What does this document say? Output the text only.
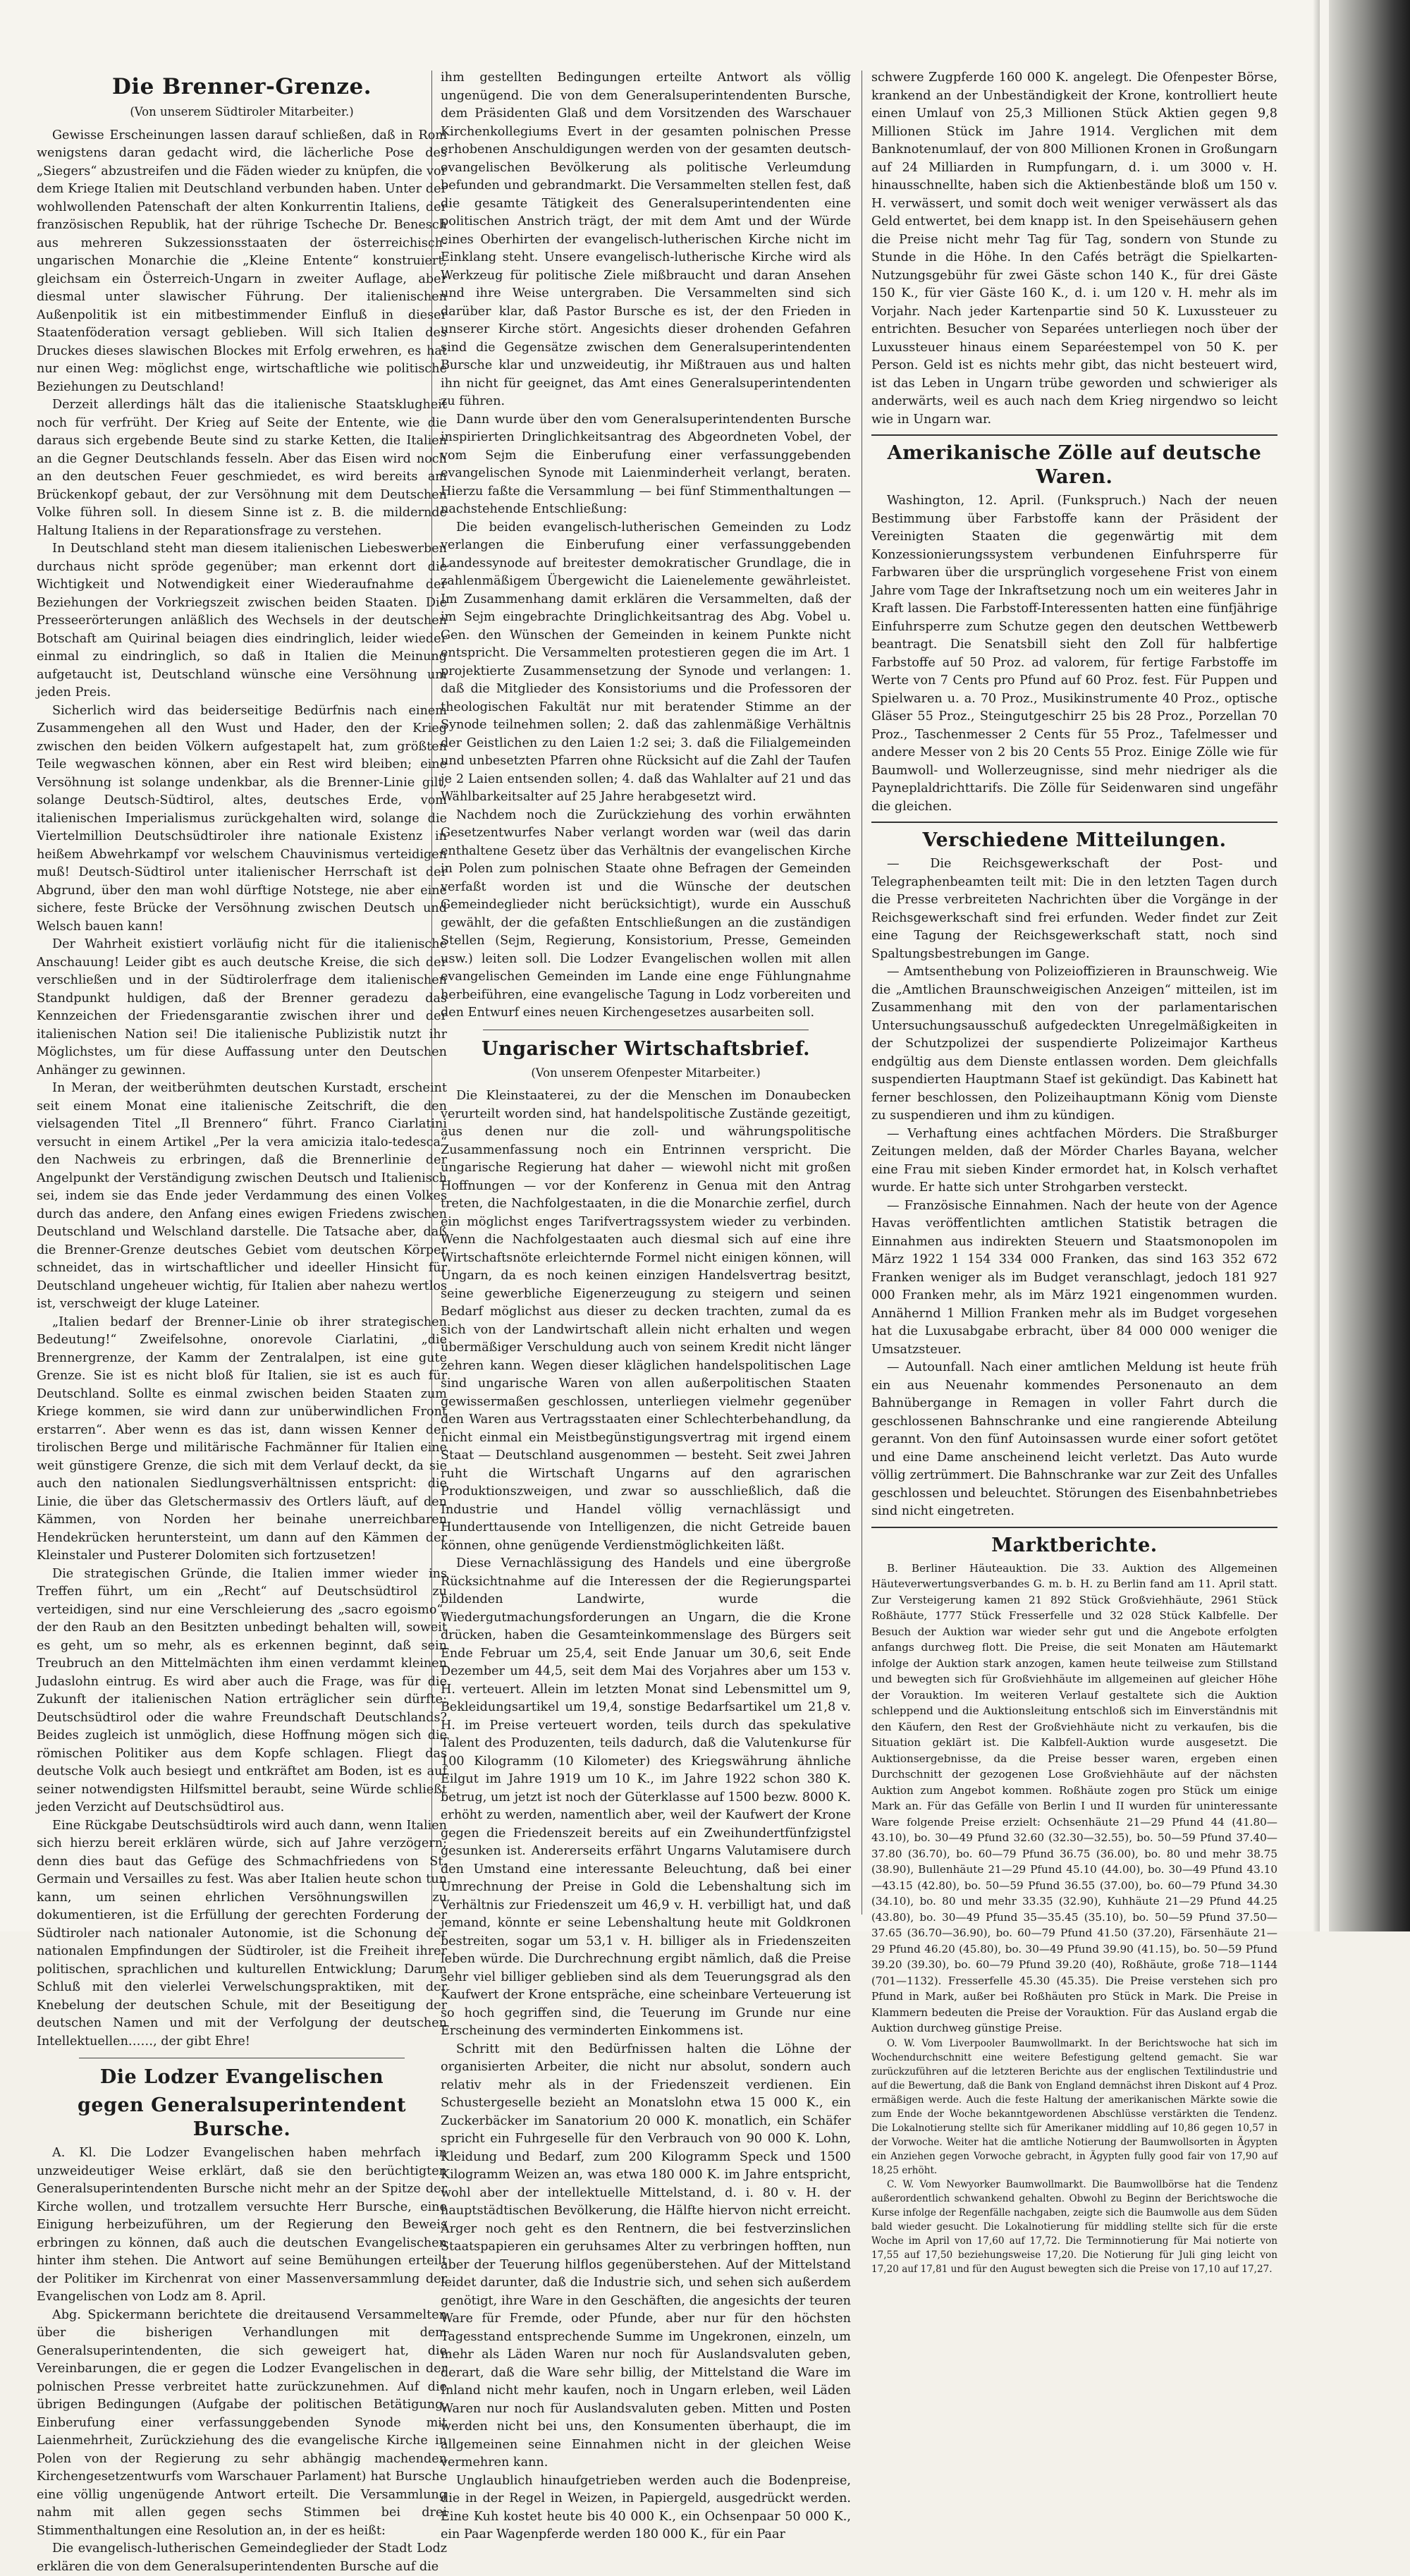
Die Brenner-Grenze.
(Von unserem Südtiroler Mitarbeiter.)

Gewisse Erscheinungen lassen darauf schließen, daß in Rom wenigstens daran gedacht wird, die lächerliche Pose des „Siegers“ abzustreifen und die Fäden wieder zu knüpfen, die vor dem Kriege Italien mit Deutschland verbunden haben. Unter der wohlwollenden Patenschaft der alten Konkurrentin Italiens, der französischen Republik, hat der rührige Tscheche Dr. Benesch aus mehreren Sukzessionsstaaten der österreichisch-ungarischen Monarchie die „Kleine Entente“ konstruiert, gleichsam ein Österreich-Ungarn in zweiter Auflage, aber diesmal unter slawischer Führung. Der italienischen Außenpolitik ist ein mitbestimmender Einfluß in dieser Staatenföderation versagt geblieben. Will sich Italien des Druckes dieses slawischen Blockes mit Erfolg erwehren, es hat nur einen Weg: möglichst enge, wirtschaftliche wie politische Beziehungen zu Deutschland!

Derzeit allerdings hält das die italienische Staatsklugheit noch für verfrüht. Der Krieg auf Seite der Entente, wie die daraus sich ergebende Beute sind zu starke Ketten, die Italien an die Gegner Deutschlands fesseln. Aber das Eisen wird noch an den deutschen Feuer geschmiedet, es wird bereits am Brückenkopf gebaut, der zur Versöhnung mit dem Deutschen Volke führen soll. In diesem Sinne ist z. B. die mildernde Haltung Italiens in der Reparationsfrage zu verstehen.

In Deutschland steht man diesem italienischen Liebeswerben durchaus nicht spröde gegenüber; man erkennt dort die Wichtigkeit und Notwendigkeit einer Wiederaufnahme der Beziehungen der Vorkriegszeit zwischen beiden Staaten. Die Presseerörterungen anläßlich des Wechsels in der deutschen Botschaft am Quirinal beiagen dies eindringlich, leider wieder einmal zu eindringlich, so daß in Italien die Meinung aufgetaucht ist, Deutschland wünsche eine Versöhnung um jeden Preis.

Sicherlich wird das beiderseitige Bedürfnis nach einem Zusammengehen all den Wust und Hader, den der Krieg zwischen den beiden Völkern aufgestapelt hat, zum größten Teile wegwaschen können, aber ein Rest wird bleiben; eine Versöhnung ist solange undenkbar, als die Brenner-Linie gilt, solange Deutsch-Südtirol, altes, deutsches Erde, vom italienischen Imperialismus zurückgehalten wird, solange die Viertelmillion Deutschsüdtiroler ihre nationale Existenz in heißem Abwehrkampf vor welschem Chauvinismus verteidigen muß! Deutsch-Südtirol unter italienischer Herrschaft ist der Abgrund, über den man wohl dürftige Notstege, nie aber eine sichere, feste Brücke der Versöhnung zwischen Deutsch und Welsch bauen kann!

Der Wahrheit existiert vorläufig nicht für die italienische Anschauung! Leider gibt es auch deutsche Kreise, die sich der verschließen und in der Südtirolerfrage dem italienischen Standpunkt huldigen, daß der Brenner geradezu das Kennzeichen der Friedensgarantie zwischen ihrer und der italienischen Nation sei! Die italienische Publizistik nutzt ihr Möglichstes, um für diese Auffassung unter den Deutschen Anhänger zu gewinnen.

In Meran, der weitberühmten deutschen Kurstadt, erscheint seit einem Monat eine italienische Zeitschrift, die den vielsagenden Titel „Il Brennero“ führt. Franco Ciarlatini versucht in einem Artikel „Per la vera amicizia italo-tedesca“ den Nachweis zu erbringen, daß die Brennerlinie der Angelpunkt der Verständigung zwischen Deutsch und Italienisch sei, indem sie das Ende jeder Verdammung des einen Volkes durch das andere, den Anfang eines ewigen Friedens zwischen Deutschland und Welschland darstelle. Die Tatsache aber, daß die Brenner-Grenze deutsches Gebiet vom deutschen Körper schneidet, das in wirtschaftlicher und ideeller Hinsicht für Deutschland ungeheuer wichtig, für Italien aber nahezu wertlos ist, verschweigt der kluge Lateiner.

„Italien bedarf der Brenner-Linie ob ihrer strategischen Bedeutung!“ Zweifelsohne, onorevole Ciarlatini, „die Brennergrenze, der Kamm der Zentralalpen, ist eine gute Grenze. Sie ist es nicht bloß für Italien, sie ist es auch für Deutschland. Sollte es einmal zwischen beiden Staaten zum Kriege kommen, sie wird dann zur unüberwindlichen Front erstarren“. Aber wenn es das ist, dann wissen Kenner der tirolischen Berge und militärische Fachmänner für Italien eine weit günstigere Grenze, die sich mit dem Verlauf deckt, da sie auch den nationalen Siedlungsverhältnissen entspricht: die Linie, die über das Gletschermassiv des Ortlers läuft, auf den Kämmen, von Norden her beinahe unerreichbaren Hendekrücken heruntersteint, um dann auf den Kämmen der Kleinstaler und Pusterer Dolomiten sich fortzusetzen!

Die strategischen Gründe, die Italien immer wieder ins Treffen führt, um ein „Recht“ auf Deutschsüdtirol zu verteidigen, sind nur eine Verschleierung des „sacro egoismo“, der den Raub an den Besitzten unbedingt behalten will, soweit es geht, um so mehr, als es erkennen beginnt, daß sein Treubruch an den Mittelmächten ihm einen verdammt kleinen Judaslohn eintrug. Es wird aber auch die Frage, was für die Zukunft der italienischen Nation erträglicher sein dürfte: Deutschsüdtirol oder die wahre Freundschaft Deutschlands? Beides zugleich ist unmöglich, diese Hoffnung mögen sich die römischen Politiker aus dem Kopfe schlagen. Fliegt das deutsche Volk auch besiegt und entkräftet am Boden, ist es auf seiner notwendigsten Hilfsmittel beraubt, seine Würde schließt jeden Verzicht auf Deutschsüdtirol aus.

Eine Rückgabe Deutschsüdtirols wird auch dann, wenn Italien sich hierzu bereit erklären würde, sich auf Jahre verzögern; denn dies baut das Gefüge des Schmachfriedens von St. Germain und Versailles zu fest. Was aber Italien heute schon tun kann, um seinen ehrlichen Versöhnungswillen zu dokumentieren, ist die Erfüllung der gerechten Forderung der Südtiroler nach nationaler Autonomie, ist die Schonung der nationalen Empfindungen der Südtiroler, ist die Freiheit ihrer politischen, sprachlichen und kulturellen Entwicklung; Darum Schluß mit den vielerlei Verwelschungspraktiken, mit der Knebelung der deutschen Schule, mit der Beseitigung der deutschen Namen und mit der Verfolgung der deutschen Intellektuellen……, der gibt Ehre!

Die Lodzer Evangelischen
gegen Generalsuperintendent Bursche.

A. Kl. Die Lodzer Evangelischen haben mehrfach in unzweideutiger Weise erklärt, daß sie den berüchtigten Generalsuperintendenten Bursche nicht mehr an der Spitze der Kirche wollen, und trotzallem versuchte Herr Bursche, eine Einigung herbeizuführen, um der Regierung den Beweis erbringen zu können, daß auch die deutschen Evangelischen hinter ihm stehen. Die Antwort auf seine Bemühungen erteilt der Politiker im Kirchenrat von einer Massenversammlung der Evangelischen von Lodz am 8. April.

Abg. Spickermann berichtete die dreitausend Versammelten über die bisherigen Verhandlungen mit dem Generalsuperintendenten, die sich geweigert hat, die Vereinbarungen, die er gegen die Lodzer Evangelischen in der polnischen Presse verbreitet hatte zurückzunehmen. Auf die übrigen Bedingungen (Aufgabe der politischen Betätigung, Einberufung einer verfassunggebenden Synode mit Laienmehrheit, Zurückziehung des die evangelische Kirche in Polen von der Regierung zu sehr abhängig machenden Kirchengesetzentwurfs vom Warschauer Parlament) hat Bursche eine völlig ungenügende Antwort erteilt. Die Versammlung nahm mit allen gegen sechs Stimmen bei drei Stimmenthaltungen eine Resolution an, in der es heißt:

Die evangelisch-lutherischen Gemeindeglieder der Stadt Lodz erklären die von dem Generalsuperintendenten Bursche auf die

ihm gestellten Bedingungen erteilte Antwort als völlig ungenügend. Die von dem Generalsuperintendenten Bursche, dem Präsidenten Glaß und dem Vorsitzenden des Warschauer Kirchenkollegiums Evert in der gesamten polnischen Presse erhobenen Anschuldigungen werden von der gesamten deutsch-evangelischen Bevölkerung als politische Verleumdung befunden und gebrandmarkt. Die Versammelten stellen fest, daß die gesamte Tätigkeit des Generalsuperintendenten eine politischen Anstrich trägt, der mit dem Amt und der Würde eines Oberhirten der evangelisch-lutherischen Kirche nicht im Einklang steht. Unsere evangelisch-lutherische Kirche wird als Werkzeug für politische Ziele mißbraucht und daran Ansehen und ihre Weise untergraben. Die Versammelten sind sich darüber klar, daß Pastor Bursche es ist, der den Frieden in unserer Kirche stört. Angesichts dieser drohenden Gefahren sind die Gegensätze zwischen dem Generalsuperintendenten Bursche klar und unzweideutig, ihr Mißtrauen aus und halten ihn nicht für geeignet, das Amt eines Generalsuperintendenten zu führen.

Dann wurde über den vom Generalsuperintendenten Bursche inspirierten Dringlichkeitsantrag des Abgeordneten Vobel, der vom Sejm die Einberufung einer verfassunggebenden evangelischen Synode mit Laienminderheit verlangt, beraten. Hierzu faßte die Versammlung — bei fünf Stimmenthaltungen — nachstehende Entschließung:

Die beiden evangelisch-lutherischen Gemeinden zu Lodz verlangen die Einberufung einer verfassunggebenden Landessynode auf breitester demokratischer Grundlage, die in zahlenmäßigem Übergewicht die Laienelemente gewährleistet. Im Zusammenhang damit erklären die Versammelten, daß der im Sejm eingebrachte Dringlichkeitsantrag des Abg. Vobel u. Gen. den Wünschen der Gemeinden in keinem Punkte nicht entspricht. Die Versammelten protestieren gegen die im Art. 1 projektierte Zusammensetzung der Synode und verlangen: 1. daß die Mitglieder des Konsistoriums und die Professoren der theologischen Fakultät nur mit beratender Stimme an der Synode teilnehmen sollen; 2. daß das zahlenmäßige Verhältnis der Geistlichen zu den Laien 1:2 sei; 3. daß die Filialgemeinden und unbesetzten Pfarren ohne Rücksicht auf die Zahl der Taufen je 2 Laien entsenden sollen; 4. daß das Wahlalter auf 21 und das Wählbarkeitsalter auf 25 Jahre herabgesetzt wird.

Nachdem noch die Zurückziehung des vorhin erwähnten Gesetzentwurfes Naber verlangt worden war (weil das darin enthaltene Gesetz über das Verhältnis der evangelischen Kirche in Polen zum polnischen Staate ohne Befragen der Gemeinden verfaßt worden ist und die Wünsche der deutschen Gemeindeglieder nicht berücksichtigt), wurde ein Ausschuß gewählt, der die gefaßten Entschließungen an die zuständigen Stellen (Sejm, Regierung, Konsistorium, Presse, Gemeinden usw.) leiten soll. Die Lodzer Evangelischen wollen mit allen evangelischen Gemeinden im Lande eine enge Fühlungnahme herbeiführen, eine evangelische Tagung in Lodz vorbereiten und den Entwurf eines neuen Kirchengesetzes ausarbeiten soll.

Ungarischer Wirtschaftsbrief.
(Von unserem Ofenpester Mitarbeiter.)

Die Kleinstaaterei, zu der die Menschen im Donaubecken verurteilt worden sind, hat handelspolitische Zustände gezeitigt, aus denen nur die zoll- und währungspolitische Zusammenfassung noch ein Entrinnen verspricht. Die ungarische Regierung hat daher — wiewohl nicht mit großen Hoffnungen — vor der Konferenz in Genua mit den Antrag treten, die Nachfolgestaaten, in die die Monarchie zerfiel, durch ein möglichst enges Tarifvertragssystem wieder zu verbinden. Wenn die Nachfolgestaaten auch diesmal sich auf eine ihre Wirtschaftsnöte erleichternde Formel nicht einigen können, will Ungarn, da es noch keinen einzigen Handelsvertrag besitzt, seine gewerbliche Eigenerzeugung zu steigern und seinen Bedarf möglichst aus dieser zu decken trachten, zumal da es sich von der Landwirtschaft allein nicht erhalten und wegen übermäßiger Verschuldung auch von seinem Kredit nicht länger zehren kann. Wegen dieser kläglichen handelspolitischen Lage sind ungarische Waren von allen außerpolitischen Staaten gewissermaßen geschlossen, unterliegen vielmehr gegenüber den Waren aus Vertragsstaaten einer Schlechterbehandlung, da nicht einmal ein Meistbegünstigungsvertrag mit irgend einem Staat — Deutschland ausgenommen — besteht. Seit zwei Jahren ruht die Wirtschaft Ungarns auf den agrarischen Produktionszweigen, und zwar so ausschließlich, daß die Industrie und Handel völlig vernachlässigt und Hunderttausende von Intelligenzen, die nicht Getreide bauen können, ohne genügende Verdienstmöglichkeiten läßt.

Diese Vernachlässigung des Handels und eine übergroße Rücksichtnahme auf die Interessen der die Regierungspartei bildenden Landwirte, wurde die Wiedergutmachungsforderungen an Ungarn, die die Krone drücken, haben die Gesamteinkommenslage des Bürgers seit Ende Februar um 25,4, seit Ende Januar um 30,6, seit Ende Dezember um 44,5, seit dem Mai des Vorjahres aber um 153 v. H. verteuert. Allein im letzten Monat sind Lebensmittel um 9, Bekleidungsartikel um 19,4, sonstige Bedarfsartikel um 21,8 v. H. im Preise verteuert worden, teils durch das spekulative Talent des Produzenten, teils dadurch, daß die Valutenkurse für 100 Kilogramm (10 Kilometer) des Kriegswährung ähnliche Eilgut im Jahre 1919 um 10 K., im Jahre 1922 schon 380 K. betrug, um jetzt ist noch der Güterklasse auf 1500 bezw. 8000 K. erhöht zu werden, namentlich aber, weil der Kaufwert der Krone gegen die Friedenszeit bereits auf ein Zweihundertfünfzigstel gesunken ist. Andererseits erfährt Ungarns Valutamisere durch den Umstand eine interessante Beleuchtung, daß bei einer Umrechnung der Preise in Gold die Lebenshaltung sich im Verhältnis zur Friedenszeit um 46,9 v. H. verbilligt hat, und daß jemand, könnte er seine Lebenshaltung heute mit Goldkronen bestreiten, sogar um 53,1 v. H. billiger als in Friedenszeiten leben würde. Die Durchrechnung ergibt nämlich, daß die Preise sehr viel billiger geblieben sind als dem Teuerungsgrad als den Kaufwert der Krone entspräche, eine scheinbare Verteuerung ist so hoch gegriffen sind, die Teuerung im Grunde nur eine Erscheinung des verminderten Einkommens ist.

Schritt mit den Bedürfnissen halten die Löhne der organisierten Arbeiter, die nicht nur absolut, sondern auch relativ mehr als in der Friedenszeit verdienen. Ein Schustergeselle bezieht an Monatslohn etwa 15 000 K., ein Zuckerbäcker im Sanatorium 20 000 K. monatlich, ein Schäfer spricht ein Fuhrgeselle für den Verbrauch von 90 000 K. Lohn, Kleidung und Bedarf, zum 200 Kilogramm Speck und 1500 Kilogramm Weizen an, was etwa 180 000 K. im Jahre entspricht, wohl aber der intellektuelle Mittelstand, d. i. 80 v. H. der hauptstädtischen Bevölkerung, die Hälfte hiervon nicht erreicht. Ärger noch geht es den Rentnern, die bei festverzinslichen Staatspapieren ein geruhsames Alter zu verbringen hofften, nun aber der Teuerung hilflos gegenüberstehen. Auf der Mittelstand leidet darunter, daß die Industrie sich, und sehen sich außerdem genötigt, ihre Ware in den Geschäften, die angesichts der teuren Ware für Fremde, oder Pfunde, aber nur für den höchsten Tagesstand entsprechende Summe im Ungekronen, einzeln, um mehr als Läden Waren nur noch für Auslandsvaluten geben, derart, daß die Ware sehr billig, der Mittelstand die Ware im Inland nicht mehr kaufen, noch in Ungarn erleben, weil Läden Waren nur noch für Auslandsvaluten geben. Mitten und Posten werden nicht bei uns, den Konsumenten überhaupt, die im allgemeinen seine Einnahmen nicht in der gleichen Weise vermehren kann.

Unglaublich hinaufgetrieben werden auch die Bodenpreise, die in der Regel in Weizen, in Papiergeld, ausgedrückt werden. Eine Kuh kostet heute bis 40 000 K., ein Ochsenpaar 50 000 K., ein Paar Wagenpferde werden 180 000 K., für ein Paar

schwere Zugpferde 160 000 K. angelegt. Die Ofenpester Börse, krankend an der Unbeständigkeit der Krone, kontrolliert heute einen Umlauf von 25,3 Millionen Stück Aktien gegen 9,8 Millionen Stück im Jahre 1914. Verglichen mit dem Banknotenumlauf, der von 800 Millionen Kronen in Großungarn auf 24 Milliarden in Rumpfungarn, d. i. um 3000 v. H. hinausschnellte, haben sich die Aktienbestände bloß um 150 v. H. verwässert, und somit doch weit weniger verwässert als das Geld entwertet, bei dem knapp ist. In den Speisehäusern gehen die Preise nicht mehr Tag für Tag, sondern von Stunde zu Stunde in die Höhe. In den Cafés beträgt die Spielkarten-Nutzungsgebühr für zwei Gäste schon 140 K., für drei Gäste 150 K., für vier Gäste 160 K., d. i. um 120 v. H. mehr als im Vorjahr. Nach jeder Kartenpartie sind 50 K. Luxussteuer zu entrichten. Besucher von Separées unterliegen noch über der Luxussteuer hinaus einem Separéestempel von 50 K. per Person. Geld ist es nichts mehr gibt, das nicht besteuert wird, ist das Leben in Ungarn trübe geworden und schwieriger als anderwärts, weil es auch nach dem Krieg nirgendwo so leicht wie in Ungarn war.

Amerikanische Zölle auf deutsche Waren.

Washington, 12. April. (Funkspruch.) Nach der neuen Bestimmung über Farbstoffe kann der Präsident der Vereinigten Staaten die gegenwärtig mit dem Konzessionierungssystem verbundenen Einfuhrsperre für Farbwaren über die ursprünglich vorgesehene Frist von einem Jahre vom Tage der Inkraftsetzung noch um ein weiteres Jahr in Kraft lassen. Die Farbstoff-Interessenten hatten eine fünfjährige Einfuhrsperre zum Schutze gegen den deutschen Wettbewerb beantragt. Die Senatsbill sieht den Zoll für halbfertige Farbstoffe auf 50 Proz. ad valorem, für fertige Farbstoffe im Werte von 7 Cents pro Pfund auf 60 Proz. fest. Für Puppen und Spielwaren u. a. 70 Proz., Musikinstrumente 40 Proz., optische Gläser 55 Proz., Steingutgeschirr 25 bis 28 Proz., Porzellan 70 Proz., Taschenmesser 2 Cents für 55 Proz., Tafelmesser und andere Messer von 2 bis 20 Cents 55 Proz. Einige Zölle wie für Baumwoll- und Wollerzeugnisse, sind mehr niedriger als die Payneplaldrichttarifs. Die Zölle für Seidenwaren sind ungefähr die gleichen.

Verschiedene Mitteilungen.

— Die Reichsgewerkschaft der Post- und Telegraphenbeamten teilt mit: Die in den letzten Tagen durch die Presse verbreiteten Nachrichten über die Vorgänge in der Reichsgewerkschaft sind frei erfunden. Weder findet zur Zeit eine Tagung der Reichsgewerkschaft statt, noch sind Spaltungsbestrebungen im Gange.

— Amtsenthebung von Polizeioffizieren in Braunschweig. Wie die „Amtlichen Braunschweigischen Anzeigen“ mitteilen, ist im Zusammenhang mit den von der parlamentarischen Untersuchungsausschuß aufgedeckten Unregelmäßigkeiten in der Schutzpolizei der suspendierte Polizeimajor Kartheus endgültig aus dem Dienste entlassen worden. Dem gleichfalls suspendierten Hauptmann Staef ist gekündigt. Das Kabinett hat ferner beschlossen, den Polizeihauptmann König vom Dienste zu suspendieren und ihm zu kündigen.

— Verhaftung eines achtfachen Mörders. Die Straßburger Zeitungen melden, daß der Mörder Charles Bayana, welcher eine Frau mit sieben Kinder ermordet hat, in Kolsch verhaftet wurde. Er hatte sich unter Strohgarben versteckt.

— Französische Einnahmen. Nach der heute von der Agence Havas veröffentlichten amtlichen Statistik betragen die Einnahmen aus indirekten Steuern und Staatsmonopolen im März 1922 1 154 334 000 Franken, das sind 163 352 672 Franken weniger als im Budget veranschlagt, jedoch 181 927 000 Franken mehr, als im März 1921 eingenommen wurden. Annähernd 1 Million Franken mehr als im Budget vorgesehen hat die Luxusabgabe erbracht, über 84 000 000 weniger die Umsatzsteuer.

— Autounfall. Nach einer amtlichen Meldung ist heute früh ein aus Neuenahr kommendes Personenauto an dem Bahnübergange in Remagen in voller Fahrt durch die geschlossenen Bahnschranke und eine rangierende Abteilung gerannt. Von den fünf Autoinsassen wurde einer sofort getötet und eine Dame anscheinend leicht verletzt. Das Auto wurde völlig zertrümmert. Die Bahnschranke war zur Zeit des Unfalles geschlossen und beleuchtet. Störungen des Eisenbahnbetriebes sind nicht eingetreten.

Marktberichte.

B. Berliner Häuteauktion. Die 33. Auktion des Allgemeinen Häuteverwertungsverbandes G. m. b. H. zu Berlin fand am 11. April statt. Zur Versteigerung kamen 21 892 Stück Großviehhäute, 2961 Stück Roßhäute, 1777 Stück Fresserfelle und 32 028 Stück Kalbfelle. Der Besuch der Auktion war wieder sehr gut und die Angebote erfolgten anfangs durchweg flott. Die Preise, die seit Monaten am Häutemarkt infolge der Auktion stark anzogen, kamen heute teilweise zum Stillstand und bewegten sich für Großviehhäute im allgemeinen auf gleicher Höhe der Vorauktion. Im weiteren Verlauf gestaltete sich die Auktion schleppend und die Auktionsleitung entschloß sich im Einverständnis mit den Käufern, den Rest der Großviehhäute nicht zu verkaufen, bis die Situation geklärt ist. Die Kalbfell-Auktion wurde ausgesetzt. Die Auktionsergebnisse, da die Preise besser waren, ergeben einen Durchschnitt der gezogenen Lose Großviehhäute auf der nächsten Auktion zum Angebot kommen. Roßhäute zogen pro Stück um einige Mark an. Für das Gefälle von Berlin I und II wurden für uninteressante Ware folgende Preise erzielt: Ochsenhäute 21—29 Pfund 44 (41.80—43.10), bo. 30—49 Pfund 32.60 (32.30—32.55), bo. 50—59 Pfund 37.40—37.80 (36.70), bo. 60—79 Pfund 36.75 (36.00), bo. 80 und mehr 38.75 (38.90), Bullenhäute 21—29 Pfund 45.10 (44.00), bo. 30—49 Pfund 43.10—43.15 (42.80), bo. 50—59 Pfund 36.55 (37.00), bo. 60—79 Pfund 34.30 (34.10), bo. 80 und mehr 33.35 (32.90), Kuhhäute 21—29 Pfund 44.25 (43.80), bo. 30—49 Pfund 35—35.45 (35.10), bo. 50—59 Pfund 37.50—37.65 (36.70—36.90), bo. 60—79 Pfund 41.50 (37.20), Färsenhäute 21—29 Pfund 46.20 (45.80), bo. 30—49 Pfund 39.90 (41.15), bo. 50—59 Pfund 39.20 (39.30), bo. 60—79 Pfund 39.20 (40), Roßhäute, große 718—1144 (701—1132). Fresserfelle 45.30 (45.35). Die Preise verstehen sich pro Pfund in Mark, außer bei Roßhäuten pro Stück in Mark. Die Preise in Klammern bedeuten die Preise der Vorauktion. Für das Ausland ergab die Auktion durchweg günstige Preise.

O. W. Vom Liverpooler Baumwollmarkt. In der Berichtswoche hat sich im Wochendurchschnitt eine weitere Befestigung geltend gemacht. Sie war zurückzuführen auf die letzteren Berichte aus der englischen Textilindustrie und auf die Bewertung, daß die Bank von England demnächst ihren Diskont auf 4 Proz. ermäßigen werde. Auch die feste Haltung der amerikanischen Märkte sowie die zum Ende der Woche bekanntgewordenen Abschlüsse verstärkten die Tendenz. Die Lokalnotierung stellte sich für Amerikaner middling auf 10,86 gegen 10,57 in der Vorwoche. Weiter hat die amtliche Notierung der Baumwollsorten in Ägypten ein Anziehen gegen Vorwoche gebracht, in Ägypten fully good fair von 17,90 auf 18,25 erhöht.

C. W. Vom Newyorker Baumwollmarkt. Die Baumwollbörse hat die Tendenz außerordentlich schwankend gehalten. Obwohl zu Beginn der Berichtswoche die Kurse infolge der Regenfälle nachgaben, zeigte sich die Baumwolle aus dem Süden bald wieder gesucht. Die Lokalnotierung für middling stellte sich für die erste Woche im April von 17,60 auf 17,72. Die Terminnotierung für Mai notierte von 17,55 auf 17,50 beziehungsweise 17,20. Die Notierung für Juli ging leicht von 17,20 auf 17,81 und für den August bewegten sich die Preise von 17,10 auf 17,27.
